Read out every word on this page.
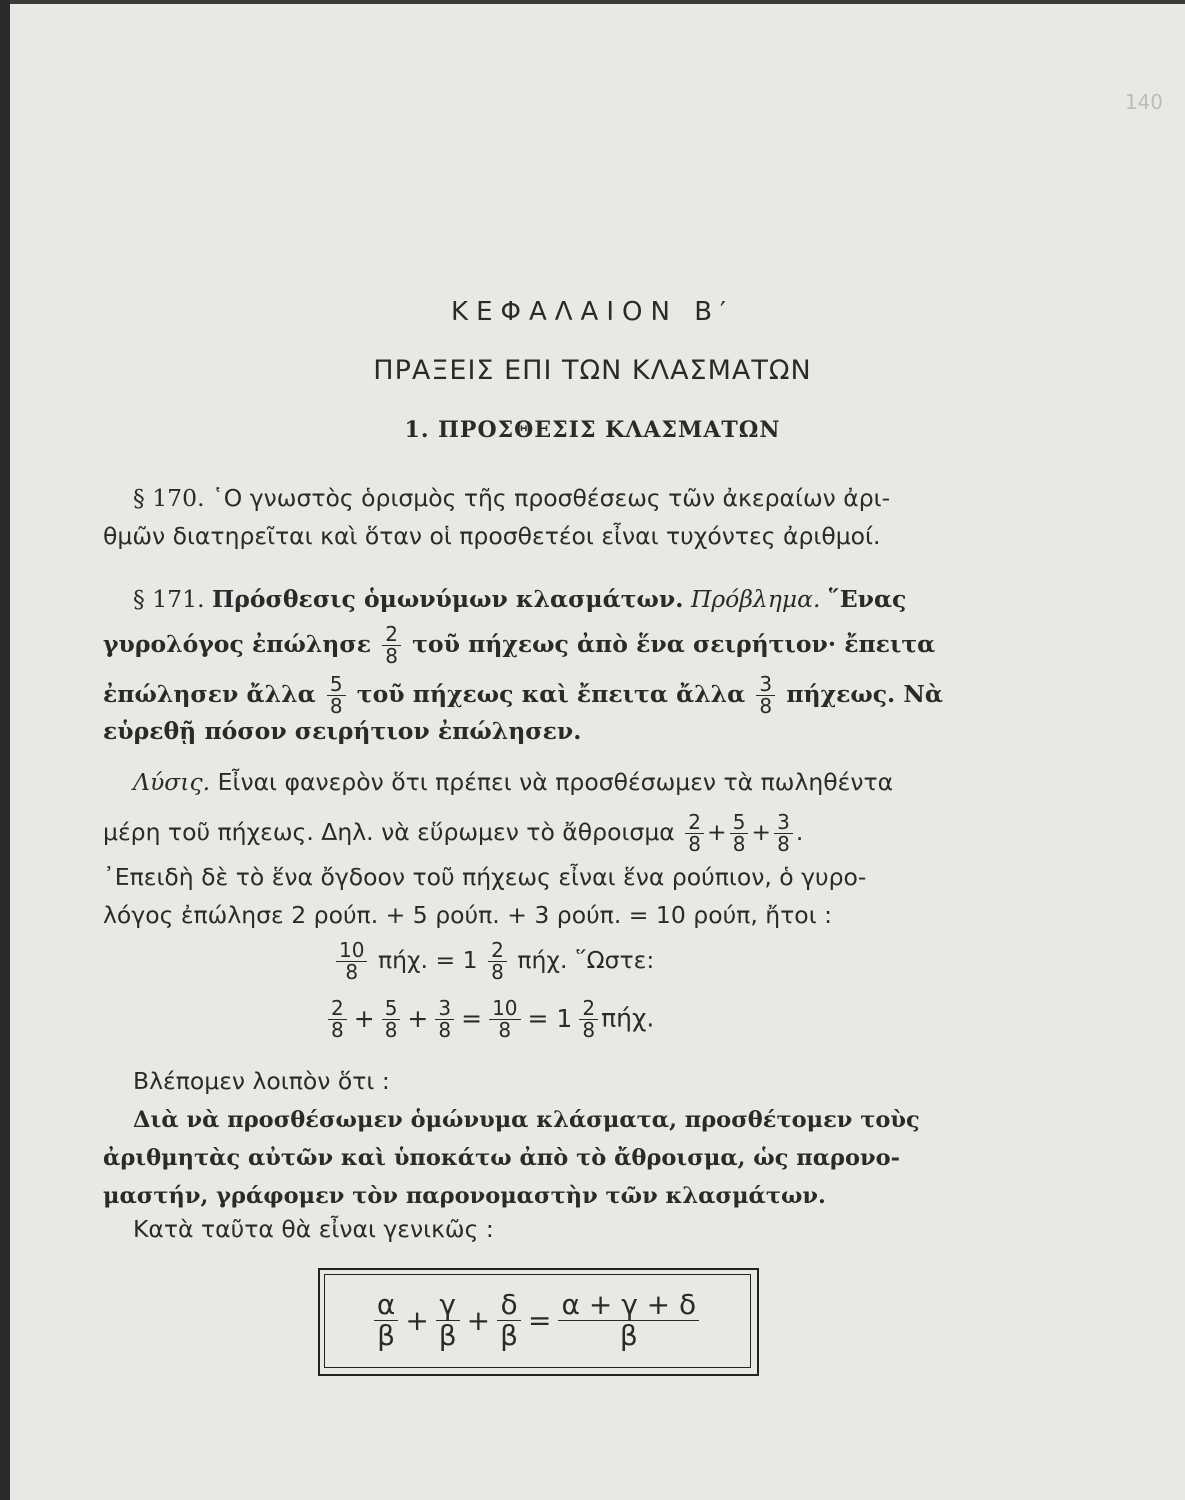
140
ΚΕΦΑΛΑΙΟΝ Β′
ΠΡΑΞΕΙΣ ΕΠΙ ΤΩΝ ΚΛΑΣΜΑΤΩΝ
1. ΠΡΟΣΘΕΣΙΣ ΚΛΑΣΜΑΤΩΝ
§ 170. ῾Ο γνωστὸς ὁρισμὸς τῆς προσθέσεως τῶν ἀκεραίων ἀρι-
θμῶν διατηρεῖται καὶ ὅταν οἱ προσθετέοι εἶναι τυχόντες ἀριθμοί.
§ 171. Πρόσθεσις ὁμωνύμων κλασμάτων. Πρόβλημα. ῞Ενας
γυρολόγος ἐπώλησε $\frac{2}{8}$ τοῦ πήχεως ἀπὸ ἕνα σειρήτιον· ἔπειτα
ἐπώλησεν ἄλλα $\frac{5}{8}$ τοῦ πήχεως καὶ ἔπειτα ἄλλα $\frac{3}{8} \pi ή\chi\varepsilon\omega\varsigma$. Νὰ
εὑρεθῇ πόσον σειρήτιον ἐπώλησεν.
Λύσις. Εἶναι φανερὸν ὅτι πρέπει νὰ προσθέσωμεν τὰ πωληθέντα
μέρη τοῦ πήχεως. Δηλ. νὰ εὕρωμεν τὸ ἄθροισμα $\frac{2}{8} + \frac{5}{8} + \frac{3}{8}$ .
᾿Επειδὴ δὲ τὸ ἕνα ὄγδοον τοῦ πήχεως εἶναι ἕνα ρούπιον, ὁ γυρο-
λόγος ἐπώλησε 2 ρούπ. + 5 ρούπ. + 3 ρούπ. = 10 ρούπ, ἤτοι :
$\frac{10}{8} \pi ή\chi$. = $1 \frac{2}{8} \pi ή\chi$. ῞Ωστε:
$\frac{2}{8} + \frac{5}{8} + \frac{3}{8} = \frac{10}{8} = 1 \frac{2}{8} \pi ή\chi$.
Βλέπομεν λοιπὸν ὅτι :
Διὰ νὰ προσθέσωμεν ὁμώνυμα κλάσματα, προσθέτομεν τοὺς
ἀριθμητὰς αὐτῶν καὶ ὑποκάτω ἀπὸ τὸ ἄθροισμα, ὡς παρονο-
μαστήν, γράφομεν τὸν παρονομαστὴν τῶν κλασμάτων.
Κατὰ ταῦτα θὰ εἶναι γενικῶς :
$\frac{\alpha}{\beta} + \frac{\gamma}{\beta} + \frac{\delta}{\beta} = \frac{\alpha + \gamma + \delta}{\beta}$
